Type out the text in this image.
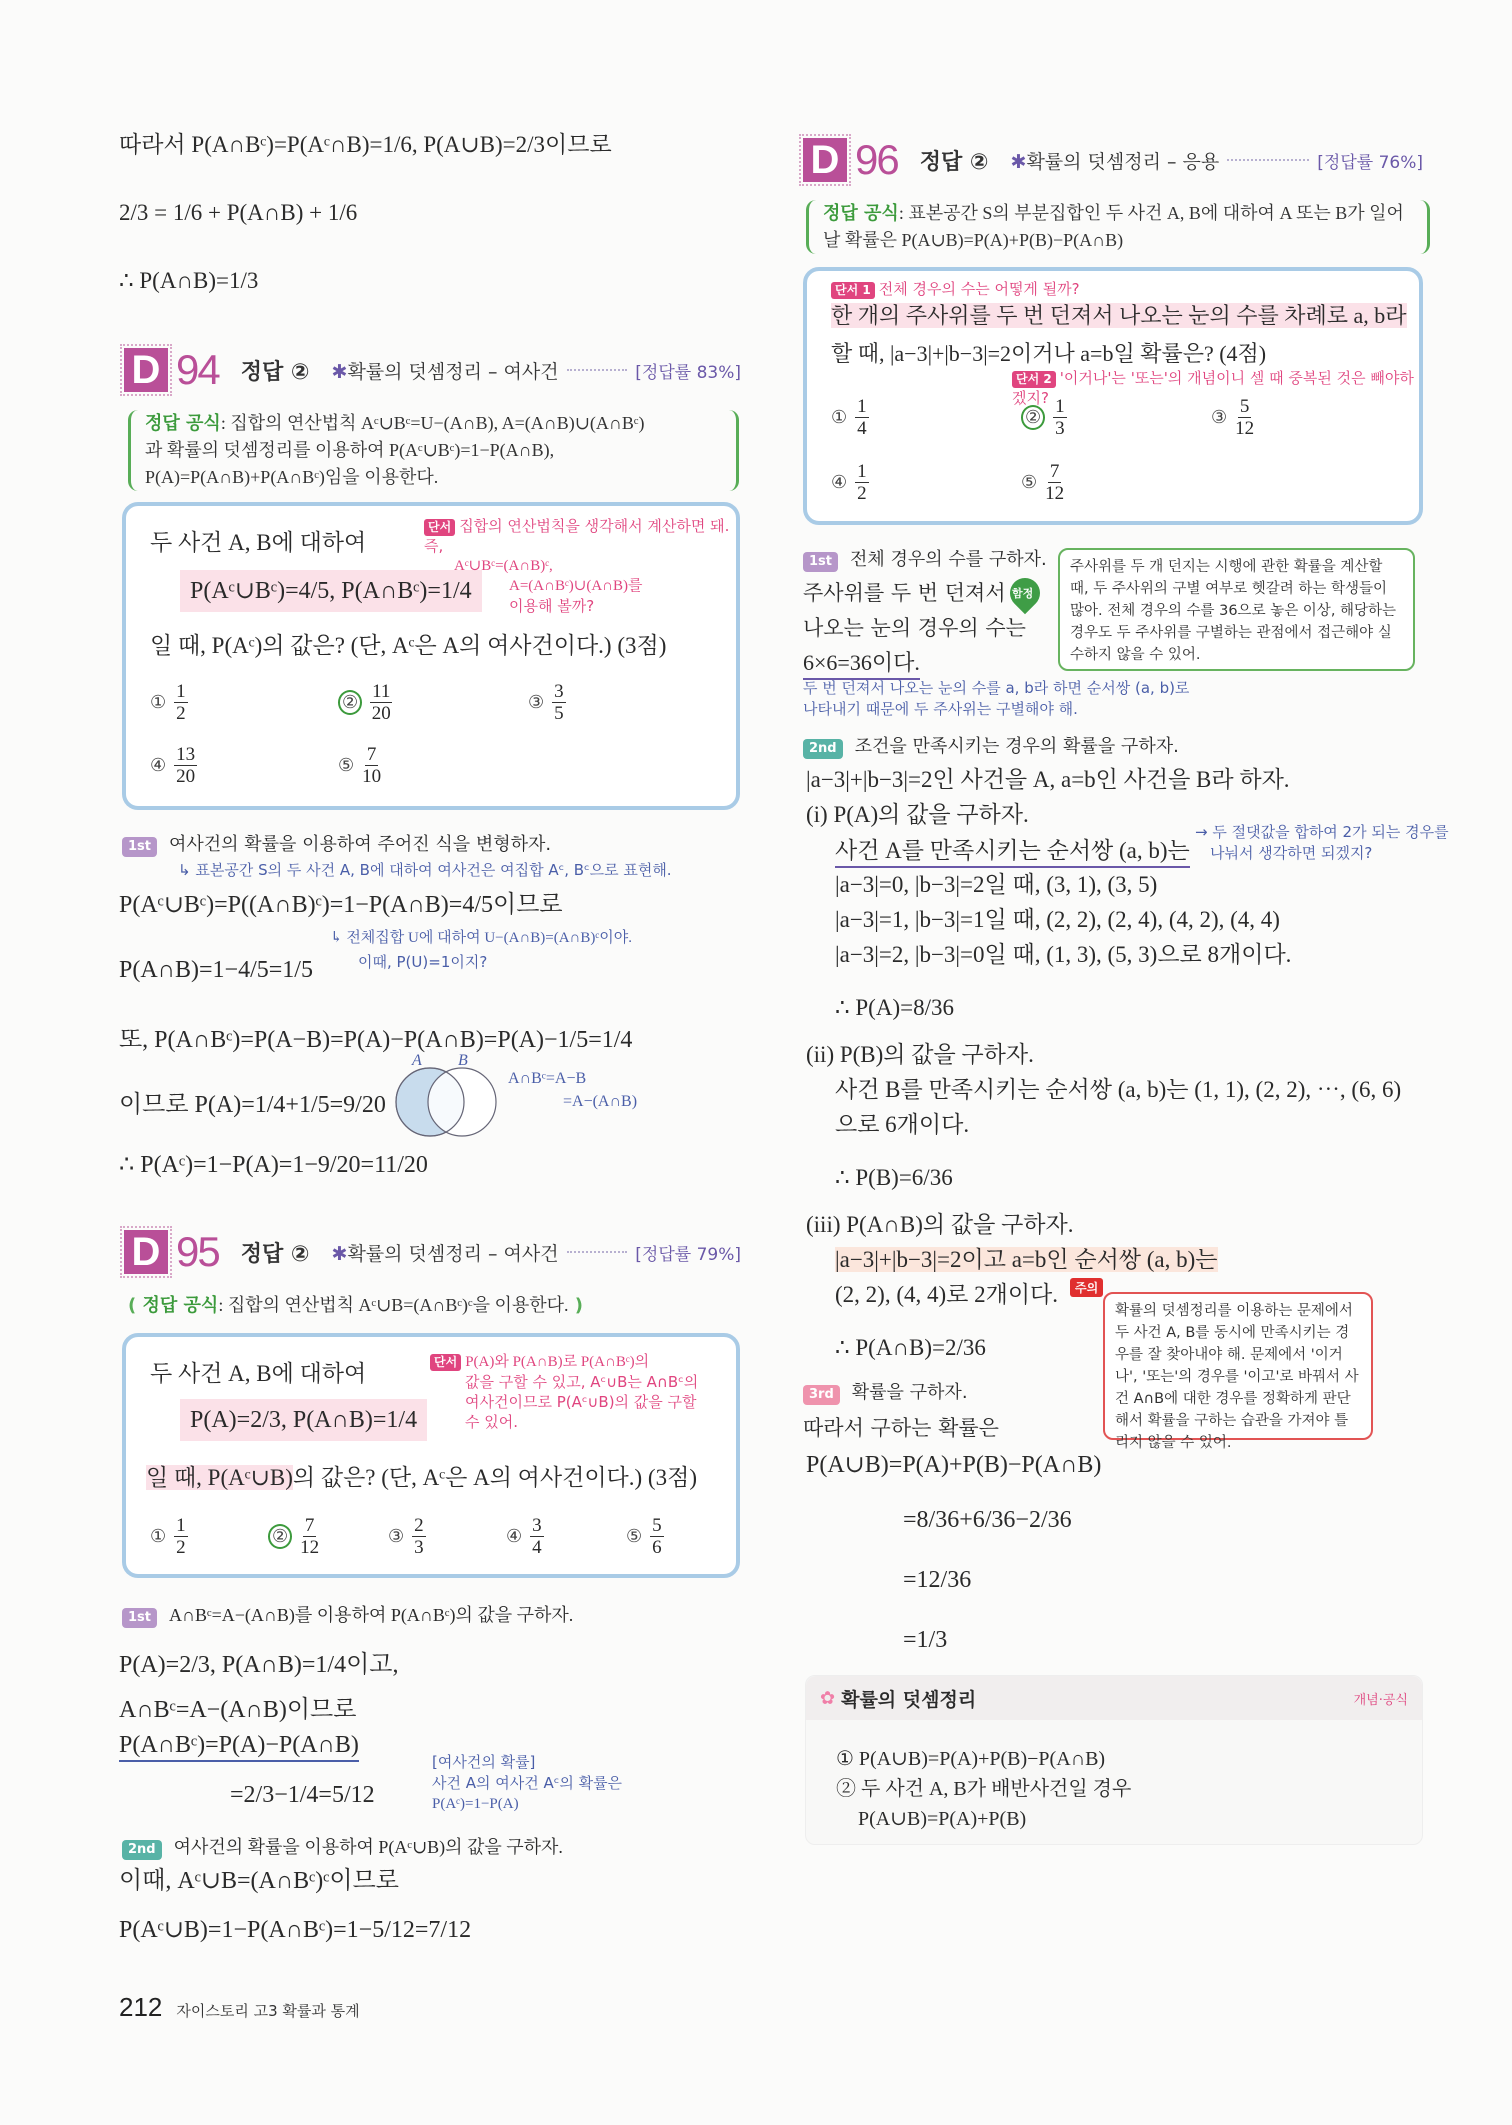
따라서 P(A∩Bᶜ)=P(Aᶜ∩B)=1/6, P(A∪B)=2/3이므로
2/3 = 1/6 + P(A∩B) + 1/6
∴ P(A∩B)=1/3
D 94 정답 ② ✱확률의 덧셈정리 – 여사건	[정답률 83%]
정답 공식: 집합의 연산법칙 Aᶜ∪Bᶜ=U−(A∩B), A=(A∩B)∪(A∩Bᶜ)
과 확률의 덧셈정리를 이용하여 P(Aᶜ∪Bᶜ)=1−P(A∩B),
P(A)=P(A∩B)+P(A∩Bᶜ)임을 이용한다.
두 사건 A, B에 대하여
P(Aᶜ∪Bᶜ)=4/5, P(A∩Bᶜ)=1/4
일 때, P(Aᶜ)의 값은? (단, Aᶜ은 A의 여사건이다.) (3점)
단서 집합의 연산법칙을 생각해서 계산하면 돼. 즉,
Aᶜ∪Bᶜ=(A∩B)ᶜ,
A=(A∩Bᶜ)∪(A∩B)를
이용해 볼까?
① $\frac{1}{2}$	② $\frac{11}{20}$	③ $\frac{3}{5}$
④ $\frac{13}{20}$	⑤ $\frac{7}{10}$
1st 여사건의 확률을 이용하여 주어진 식을 변형하자.
↳ 표본공간 S의 두 사건 A, B에 대하여 여사건은 여집합 Aᶜ, Bᶜ으로 표현해.
P(Aᶜ∪Bᶜ)=P((A∩B)ᶜ)=1−P(A∩B)=4/5이므로
↳ 전체집합 U에 대하여 U−(A∩B)=(A∩B)ᶜ이야.
이때, P(U)=1이지?
P(A∩B)=1−4/5=1/5
또, P(A∩Bᶜ)=P(A−B)=P(A)−P(A∩B)=P(A)−1/5=1/4
이므로 P(A)=1/4+1/5=9/20
A B
A∩Bᶜ=A−B
=A−(A∩B)
∴ P(Aᶜ)=1−P(A)=1−9/20=11/20
D 95 정답 ② ✱확률의 덧셈정리 – 여사건	[정답률 79%]
( 정답 공식: 집합의 연산법칙 Aᶜ∪B=(A∩Bᶜ)ᶜ을 이용한다. )
두 사건 A, B에 대하여
P(A)=2/3, P(A∩B)=1/4
일 때, P(Aᶜ∪B)의 값은? (단, Aᶜ은 A의 여사건이다.) (3점)
단서 P(A)와 P(A∩B)로 P(A∩Bᶜ)의
값을 구할 수 있고, Aᶜ∪B는 A∩Bᶜ의
여사건이므로 P(Aᶜ∪B)의 값을 구할
수 있어.
① $\frac{1}{2}$	② $\frac{7}{12}$	③ $\frac{2}{3}$	④ $\frac{3}{4}$	⑤ $\frac{5}{6}$
1st A∩Bᶜ=A−(A∩B)를 이용하여 P(A∩Bᶜ)의 값을 구하자.
P(A)=2/3, P(A∩B)=1/4이고,
A∩Bᶜ=A−(A∩B)이므로
P(A∩Bᶜ)=P(A)−P(A∩B)
=2/3−1/4=5/12
[여사건의 확률]
사건 A의 여사건 Aᶜ의 확률은
P(Aᶜ)=1−P(A)
2nd 여사건의 확률을 이용하여 P(Aᶜ∪B)의 값을 구하자.
이때, Aᶜ∪B=(A∩Bᶜ)ᶜ이므로
P(Aᶜ∪B)=1−P(A∩Bᶜ)=1−5/12=7/12
D 96 정답 ② ✱확률의 덧셈정리 – 응용	[정답률 76%]
정답 공식: 표본공간 S의 부분집합인 두 사건 A, B에 대하여 A 또는 B가 일어
날 확률은 P(A∪B)=P(A)+P(B)−P(A∩B)
단서 1 전체 경우의 수는 어떻게 될까?
한 개의 주사위를 두 번 던져서 나오는 눈의 수를 차례로 a, b라
할 때, |a−3|+|b−3|=2이거나 a=b일 확률은? (4점)
단서 2 '이거나'는 '또는'의 개념이니 셀 때 중복된 것은 빼야하겠지?
① $\frac{1}{4}$	② $\frac{1}{3}$	③ $\frac{5}{12}$
④ $\frac{1}{2}$	⑤ $\frac{7}{12}$
1st 전체 경우의 수를 구하자.
주사위를 두 번 던져서
나오는 눈의 경우의 수는
6×6=36이다.
함정
주사위를 두 개 던지는 시행에 관한 확률을 계산할 때, 두 주사위의 구별 여부로 헷갈려 하는 학생들이 많아. 전체 경우의 수를 36으로 놓은 이상, 해당하는 경우도 두 주사위를 구별하는 관점에서 접근해야 실수하지 않을 수 있어.
두 번 던져서 나오는 눈의 수를 a, b라 하면 순서쌍 (a, b)로
나타내기 때문에 두 주사위는 구별해야 해.
2nd 조건을 만족시키는 경우의 확률을 구하자.
|a−3|+|b−3|=2인 사건을 A, a=b인 사건을 B라 하자.
(i) P(A)의 값을 구하자.
사건 A를 만족시키는 순서쌍 (a, b)는
→ 두 절댓값을 합하여 2가 되는 경우를
나눠서 생각하면 되겠지?
|a−3|=0, |b−3|=2일 때, (3, 1), (3, 5)
|a−3|=1, |b−3|=1일 때, (2, 2), (2, 4), (4, 2), (4, 4)
|a−3|=2, |b−3|=0일 때, (1, 3), (5, 3)으로 8개이다.
∴ P(A)=8/36
(ii) P(B)의 값을 구하자.
사건 B를 만족시키는 순서쌍 (a, b)는 (1, 1), (2, 2), ⋯, (6, 6)
으로 6개이다.
∴ P(B)=6/36
(iii) P(A∩B)의 값을 구하자.
|a−3|+|b−3|=2이고 a=b인 순서쌍 (a, b)는
(2, 2), (4, 4)로 2개이다.
∴ P(A∩B)=2/36
주의
확률의 덧셈정리를 이용하는 문제에서 두 사건 A, B를 동시에 만족시키는 경우를 잘 찾아내야 해. 문제에서 '이거나', '또는'의 경우를 '이고'로 바꿔서 사건 A∩B에 대한 경우를 정확하게 판단해서 확률을 구하는 습관을 가져야 틀리지 않을 수 있어.
3rd 확률을 구하자.
따라서 구하는 확률은
P(A∪B)=P(A)+P(B)−P(A∩B)
=8/36+6/36−2/36
=12/36
=1/3
✿ 확률의 덧셈정리	개념·공식
① P(A∪B)=P(A)+P(B)−P(A∩B)
② 두 사건 A, B가 배반사건일 경우
P(A∪B)=P(A)+P(B)
212 자이스토리 고3 확률과 통계
